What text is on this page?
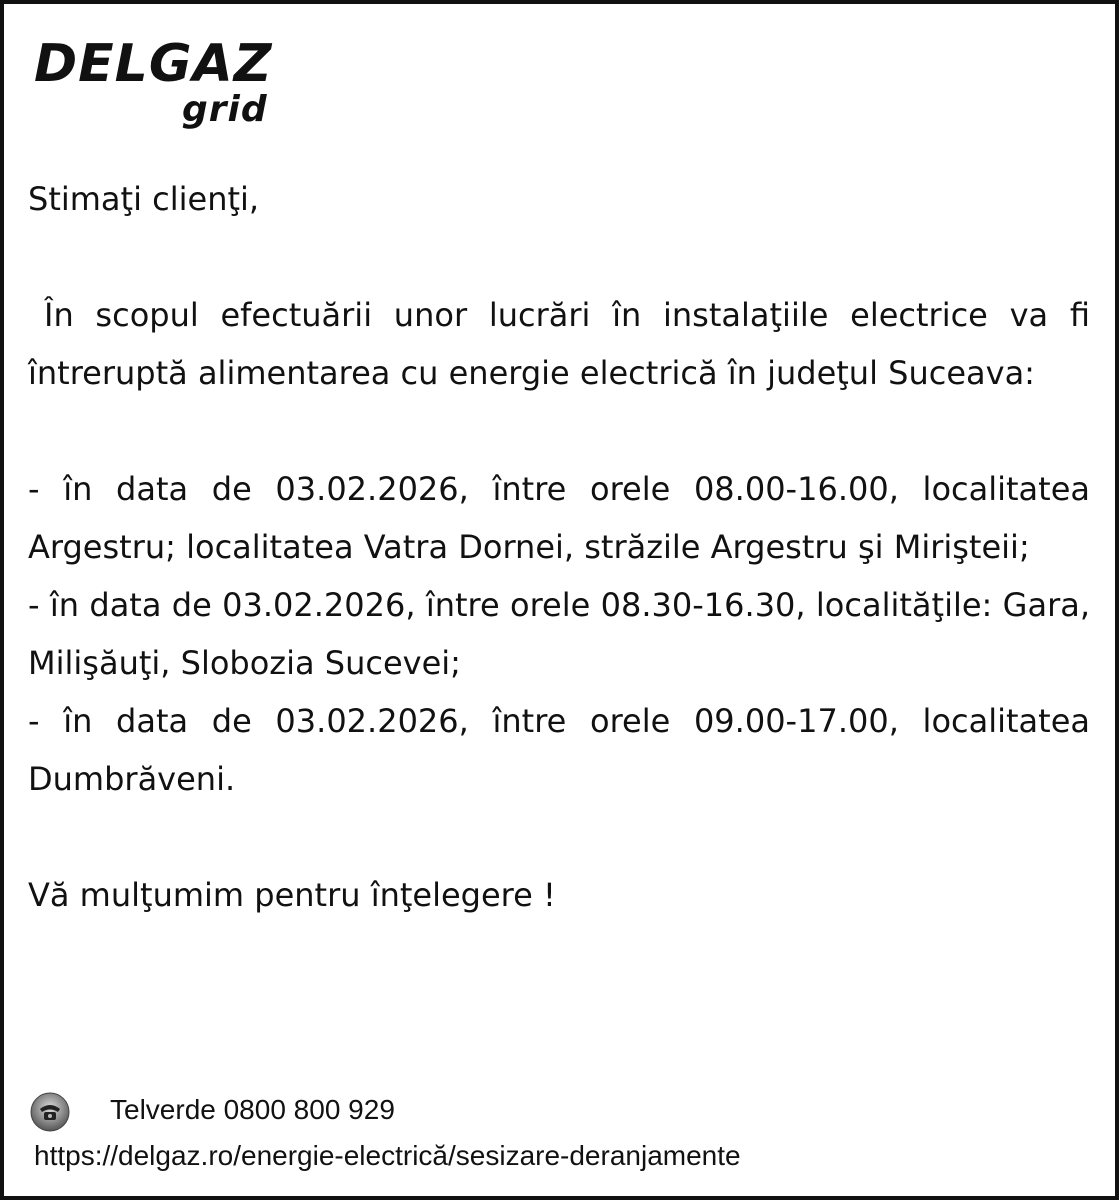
DELGAZ
grid

Stimaţi clienţi,

În scopul efectuării unor lucrări în instalaţiile electrice va fi întreruptă alimentarea cu energie electrică în judeţul Suceava:

- în data de 03.02.2026, între orele 08.00-16.00, localitatea Argestru; localitatea Vatra Dornei, străzile Argestru şi Mirişteii;
- în data de 03.02.2026, între orele 08.30-16.30, localităţile: Gara, Milişăuţi, Slobozia Sucevei;
- în data de 03.02.2026, între orele 09.00-17.00, localitatea Dumbrăveni.

Vă mulţumim pentru înţelegere !

Telverde 0800 800 929
https://delgaz.ro/energie-electrică/sesizare-deranjamente
